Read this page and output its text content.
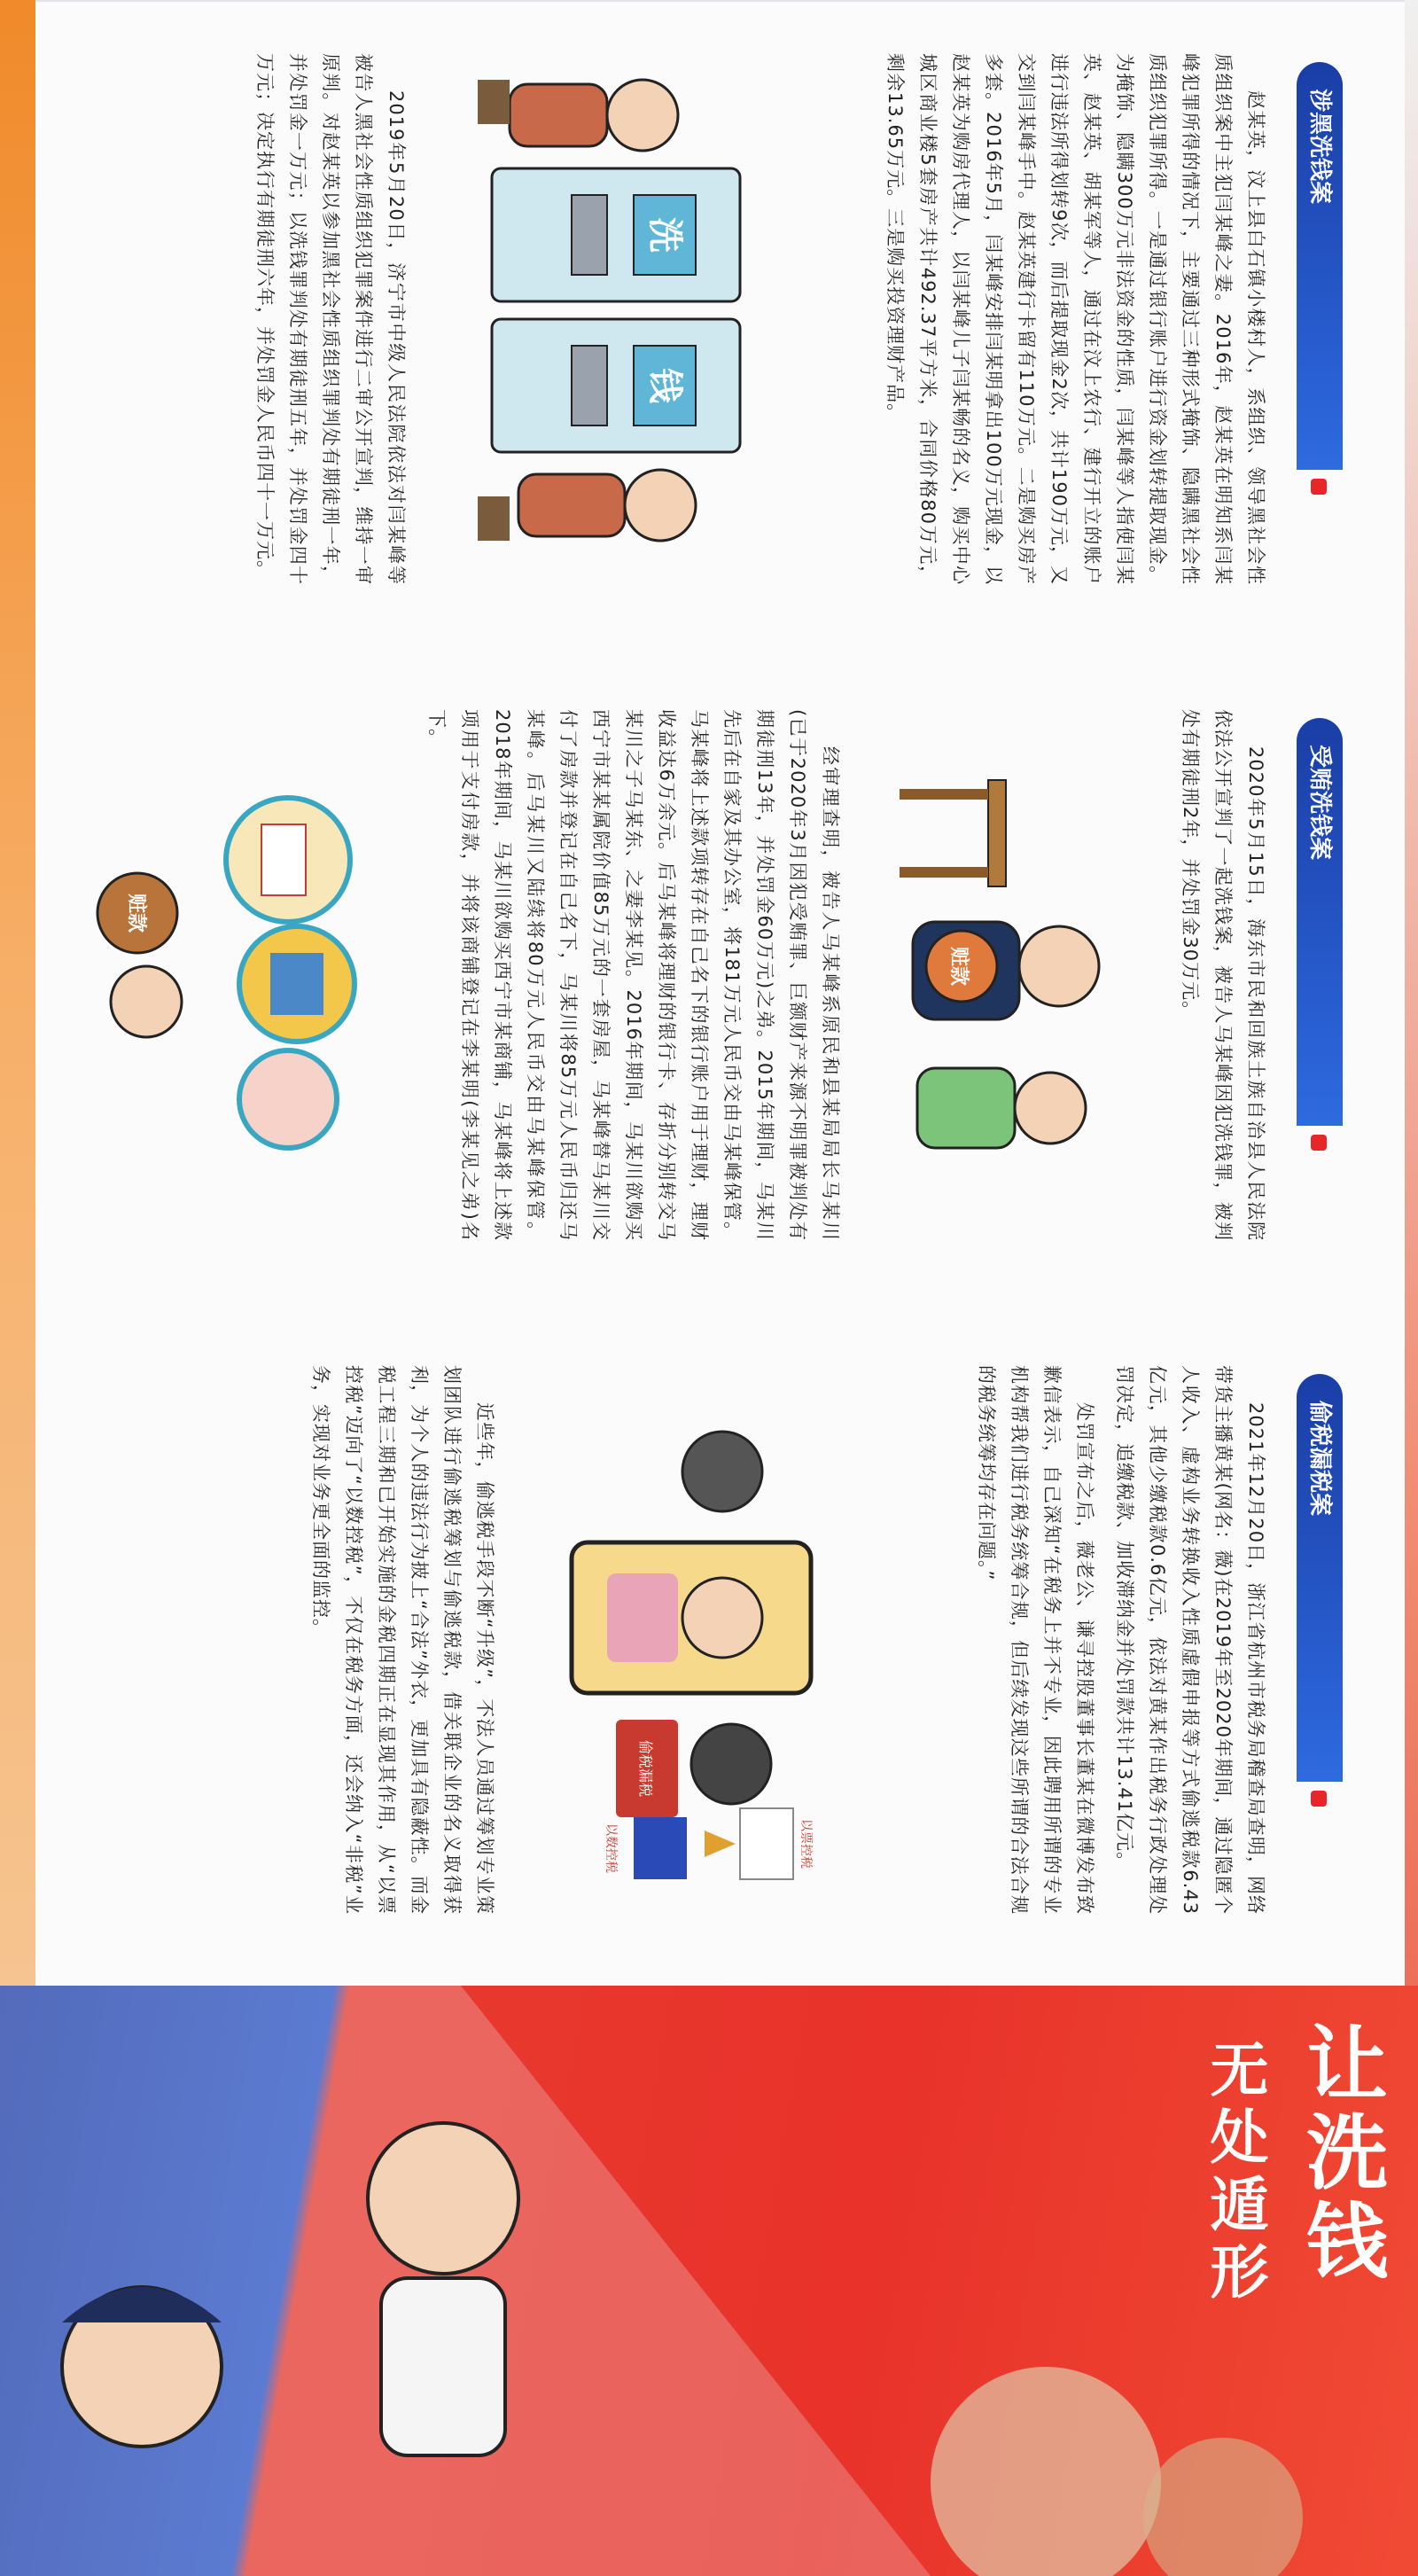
涉黑洗钱案

赵某英，汶上县白石镇小楼村人，系组织、领导黑社会性质组织案中主犯闫某峰之妻。2016年，赵某英在明知系闫某峰犯罪所得的情况下，主要通过三种形式掩饰、隐瞒黑社会性质组织犯罪所得。一是通过银行账户进行资金划转提取现金。为掩饰、隐瞒300万元非法资金的性质，闫某峰等人指使闫某英、赵某英、胡某军等人，通过在汶上农行、建行开立的账户进行违法所得划转9次，而后提取现金2次，共计190万元，又交到闫某峰手中。赵某英建行卡留有110万元。二是购买房产多套。2016年5月，闫某峰安排闫某明拿出100万元现金，以赵某英为购房代理人，以闫某峰儿子闫某畅的名义，购买中心城区商业楼5套房产共计492.37平方米，合同价格80万元，剩余13.65万元。三是购买投资理财产品。

洗
钱

2019年5月20日，济宁市中级人民法院依法对闫某峰等被告人黑社会性质组织犯罪案件进行二审公开宣判，维持一审原判。对赵某英以参加黑社会性质组织罪判处有期徒刑一年，并处罚金一万元；以洗钱罪判处有期徒刑五年，并处罚金四十万元；决定执行有期徒刑六年，并处罚金人民币四十一万元。

受贿洗钱案

2020年5月15日，海东市民和回族土族自治县人民法院依法公开宣判了一起洗钱案，被告人马某峰因犯洗钱罪，被判处有期徒刑2年，并处罚金30万元。

赃款

经审理查明，被告人马某峰系原民和县某局局长马某川(已于2020年3月因犯受贿罪、巨额财产来源不明罪被判处有期徒刑13年，并处罚金60万元)之弟。2015年期间，马某川先后在自家及其办公室，将181万元人民币交由马某峰保管。马某峰将上述款项转存在自己名下的银行账户用于理财，理财收益达6万余元。后马某峰将理财的银行卡、存折分别转交马某川之子马某东、之妻李某见。2016年期间，马某川欲购买西宁市某某属院价值85万元的一套房屋，马某峰替马某川交付了房款并登记在自己名下，马某川将85万元人民币归还马某峰。后马某川又陆续将80万元人民币交由马某峰保管。2018年期间，马某川欲购买西宁市某商铺，马某峰将上述款项用于支付房款，并将该商铺登记在李某明(李某见之弟)名下。

赃款
偷税漏税案

2021年12月20日，浙江省杭州市税务局稽查局查明，网络带货主播黄某(网名：薇)在2019年至2020年期间，通过隐匿个人收入、虚构业务转换收入性质虚假申报等方式偷逃税款6.43亿元，其他少缴税款0.6亿元，依法对黄某作出税务行政处理处罚决定，追缴税款、加收滞纳金并处罚款共计13.41亿元。

处罚宣布之后，薇老公、谦寻控股董事长董某在微博发布致歉信表示，自己深知“在税务上并不专业，因此聘用所谓的专业机构帮我们进行税务统筹合规，但后续发现这些所谓的合法合规的税务统筹均存在问题。”

偷税漏税
以票控税
以数控税

近些年，偷逃税手段不断“升级”，不法人员通过筹划专业策划团队进行偷逃税筹划与偷逃税款，借关联企业的名义取得获利，为个人的违法行为披上“合法”外衣，更加具有隐蔽性。而金税工程三期和已开始实施的金税四期正在显现其作用，从“以票控税”迈向了“以数控税”，不仅在税务方面，还会纳入“非税”业务，实现对业务更全面的监控。

让洗钱
无处遁形
